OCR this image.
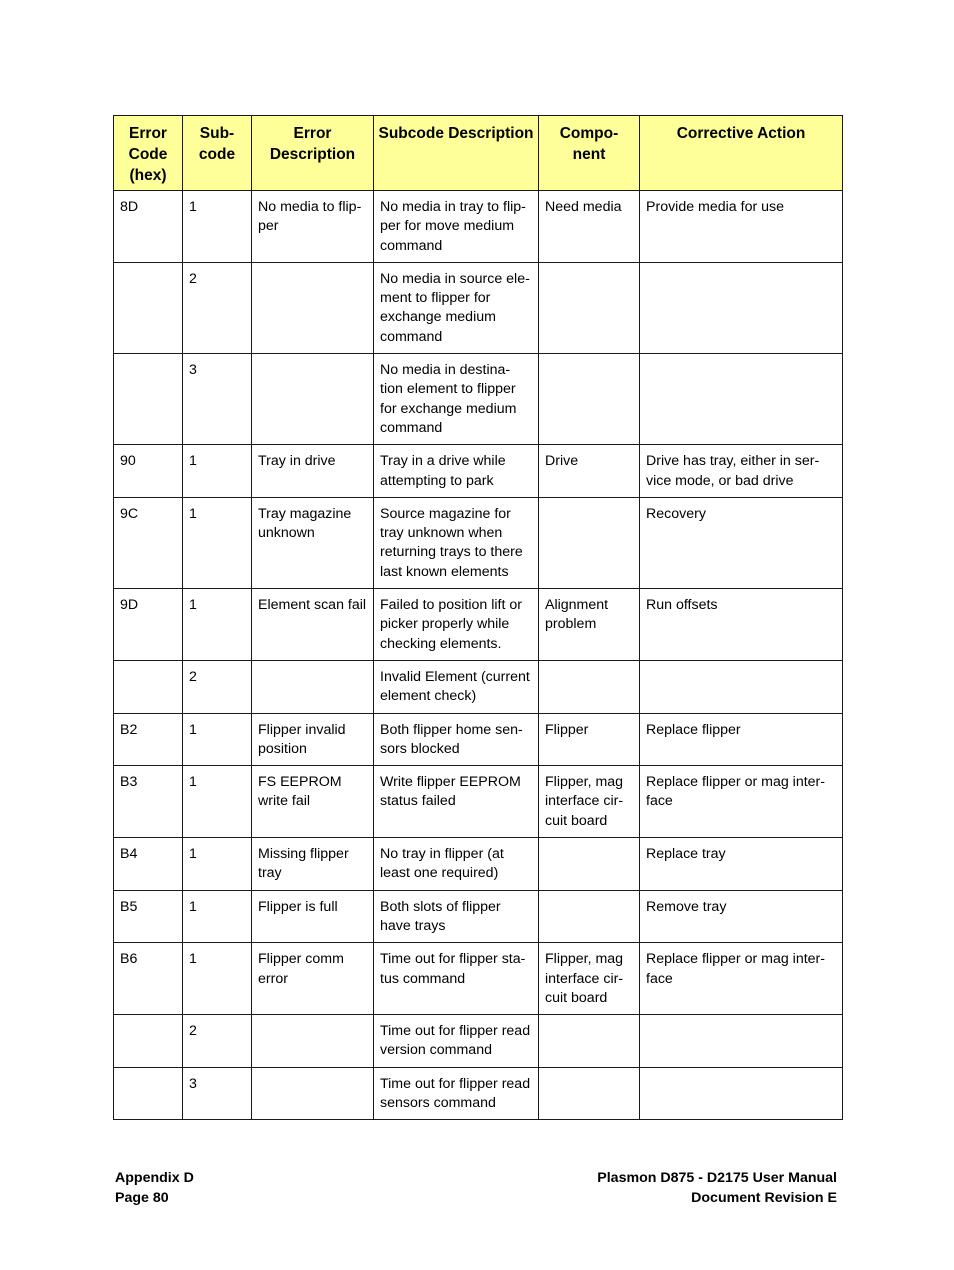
Error Code (hex)	Sub- code	Error Description	Subcode Description	Compo- nent	Corrective Action
8D	1	No media to flip- per	No media in tray to flip- per for move medium command	Need media	Provide media for use
	2		No media in source ele- ment to flipper for exchange medium command		
	3		No media in destina- tion element to flipper for exchange medium command		
90	1	Tray in drive	Tray in a drive while attempting to park	Drive	Drive has tray, either in ser- vice mode, or bad drive
9C	1	Tray magazine unknown	Source magazine for tray unknown when returning trays to there last known elements		Recovery
9D	1	Element scan fail	Failed to position lift or picker properly while checking elements.	Alignment problem	Run offsets
	2		Invalid Element (current element check)		
B2	1	Flipper invalid position	Both flipper home sen- sors blocked	Flipper	Replace flipper
B3	1	FS EEPROM write fail	Write flipper EEPROM status failed	Flipper, mag interface cir- cuit board	Replace flipper or mag inter- face
B4	1	Missing flipper tray	No tray in flipper (at least one required)		Replace tray
B5	1	Flipper is full	Both slots of flipper have trays		Remove tray
B6	1	Flipper comm error	Time out for flipper sta- tus command	Flipper, mag interface cir- cuit board	Replace flipper or mag inter- face
	2		Time out for flipper read version command		
	3		Time out for flipper read sensors command		
Appendix D
Page 80
Plasmon D875 - D2175 User Manual
Document Revision E
